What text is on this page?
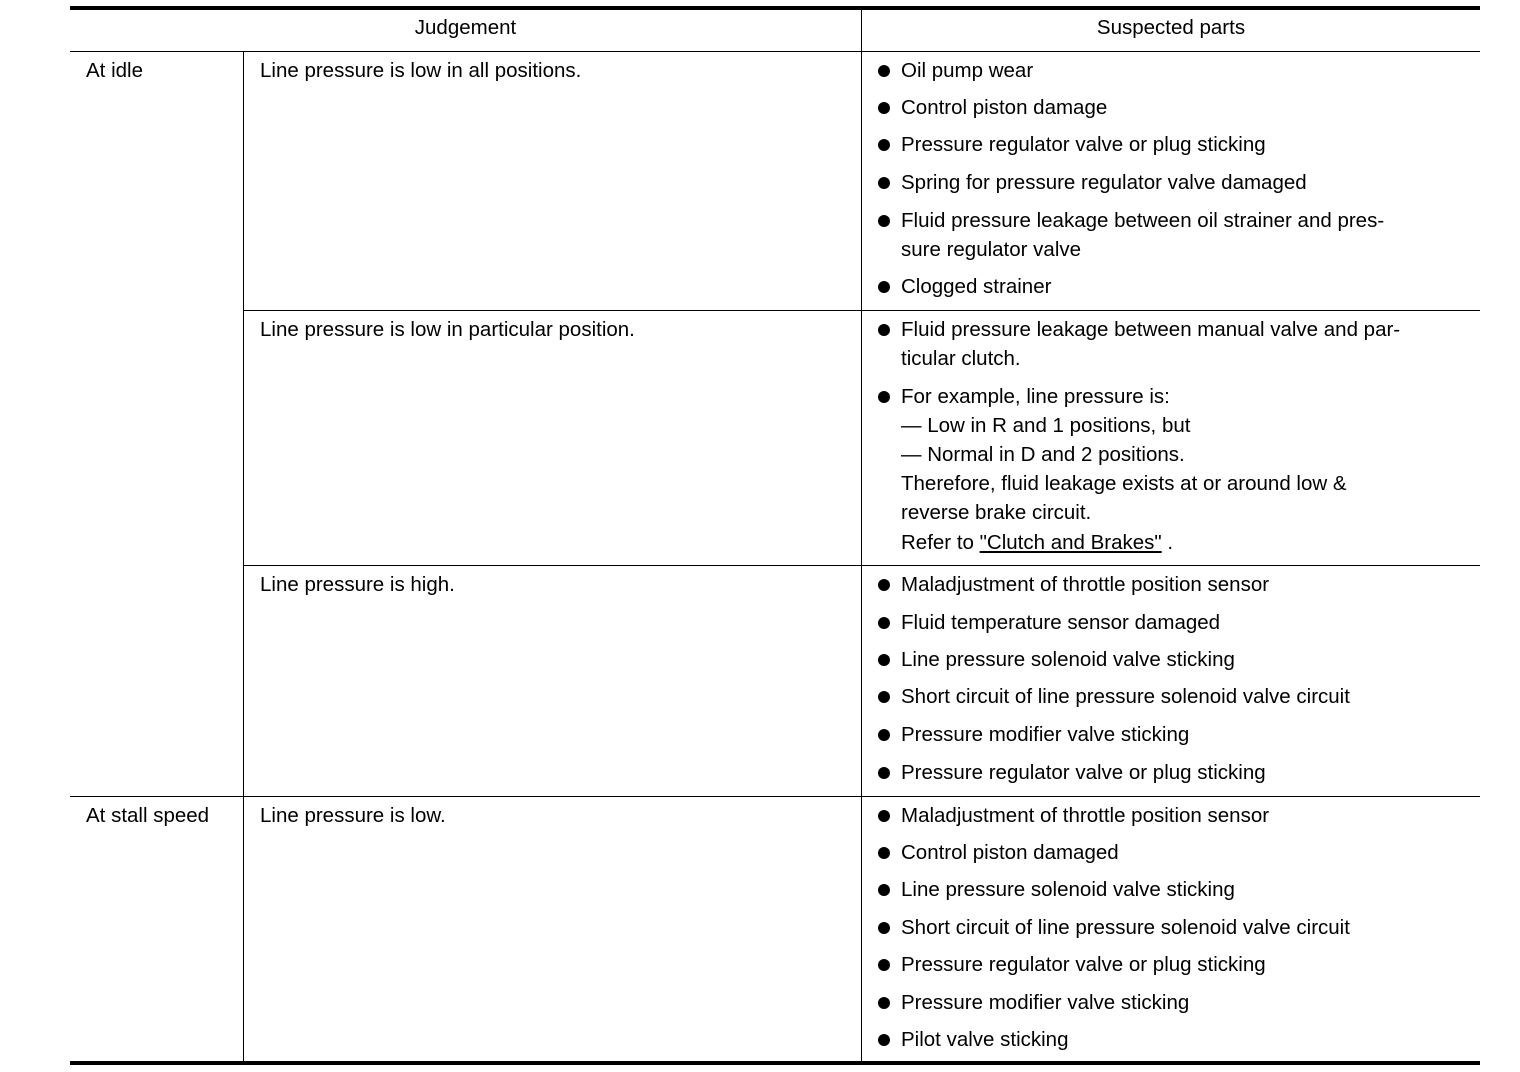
Judgement	Suspected parts
At idle
At stall speed
Line pressure is low in all positions.
Line pressure is low in particular position.
Line pressure is high.
Line pressure is low.
Oil pump wear
Control piston damage
Pressure regulator valve or plug sticking
Spring for pressure regulator valve damaged
Fluid pressure leakage between oil strainer and pres-
sure regulator valve
Clogged strainer
Fluid pressure leakage between manual valve and par-
ticular clutch.
For example, line pressure is:
— Low in R and 1 positions, but
— Normal in D and 2 positions.
Therefore, fluid leakage exists at or around low &
reverse brake circuit.
Refer to "Clutch and Brakes" .
Maladjustment of throttle position sensor
Fluid temperature sensor damaged
Line pressure solenoid valve sticking
Short circuit of line pressure solenoid valve circuit
Pressure modifier valve sticking
Pressure regulator valve or plug sticking
Maladjustment of throttle position sensor
Control piston damaged
Line pressure solenoid valve sticking
Short circuit of line pressure solenoid valve circuit
Pressure regulator valve or plug sticking
Pressure modifier valve sticking
Pilot valve sticking
